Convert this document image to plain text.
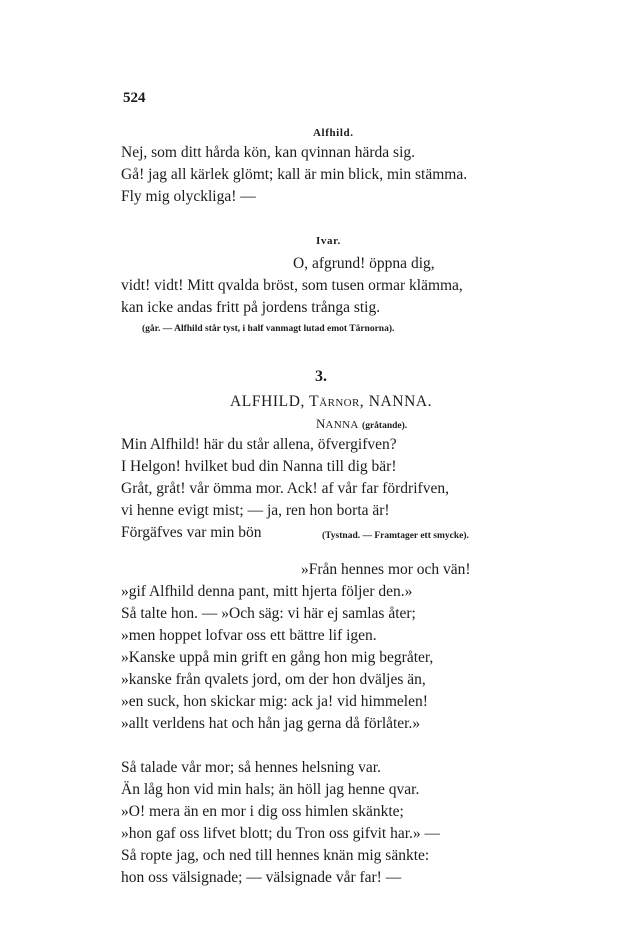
524
Alfhild.
Nej, som ditt hårda kön, kan qvinnan härda sig.
Gå! jag all kärlek glömt; kall är min blick, min stämma.
Fly mig olyckliga! —
Ivar.
O, afgrund! öppna dig,
vidt! vidt! Mitt qvalda bröst, som tusen ormar klämma,
kan icke andas fritt på jordens trånga stig.
(går. — Alfhild står tyst, i half vanmagt lutad emot Tärnorna).
3.
ALFHILD, TÄRNOR, NANNA.
NANNA (gråtande).
Min Alfhild! här du står allena, öfvergifven?
I Helgon! hvilket bud din Nanna till dig bär!
Gråt, gråt! vår ömma mor. Ack! af vår far fördrifven,
vi henne evigt mist; — ja, ren hon borta är!
Förgäfves var min bön	(Tystnad. — Framtager ett smycke).
»Från hennes mor och vän!
»gif Alfhild denna pant, mitt hjerta följer den.»
Så talte hon. — »Och säg: vi här ej samlas åter;
»men hoppet lofvar oss ett bättre lif igen.
»Kanske uppå min grift en gång hon mig begråter,
»kanske från qvalets jord, om der hon dväljes än,
»en suck, hon skickar mig: ack ja! vid himmelen!
»allt verldens hat och hån jag gerna då förlåter.»
Så talade vår mor; så hennes helsning var.
Än låg hon vid min hals; än höll jag henne qvar.
»O! mera än en mor i dig oss himlen skänkte;
»hon gaf oss lifvet blott; du Tron oss gifvit har.» —
Så ropte jag, och ned till hennes knän mig sänkte:
hon oss välsignade; — välsignade vår far! —
